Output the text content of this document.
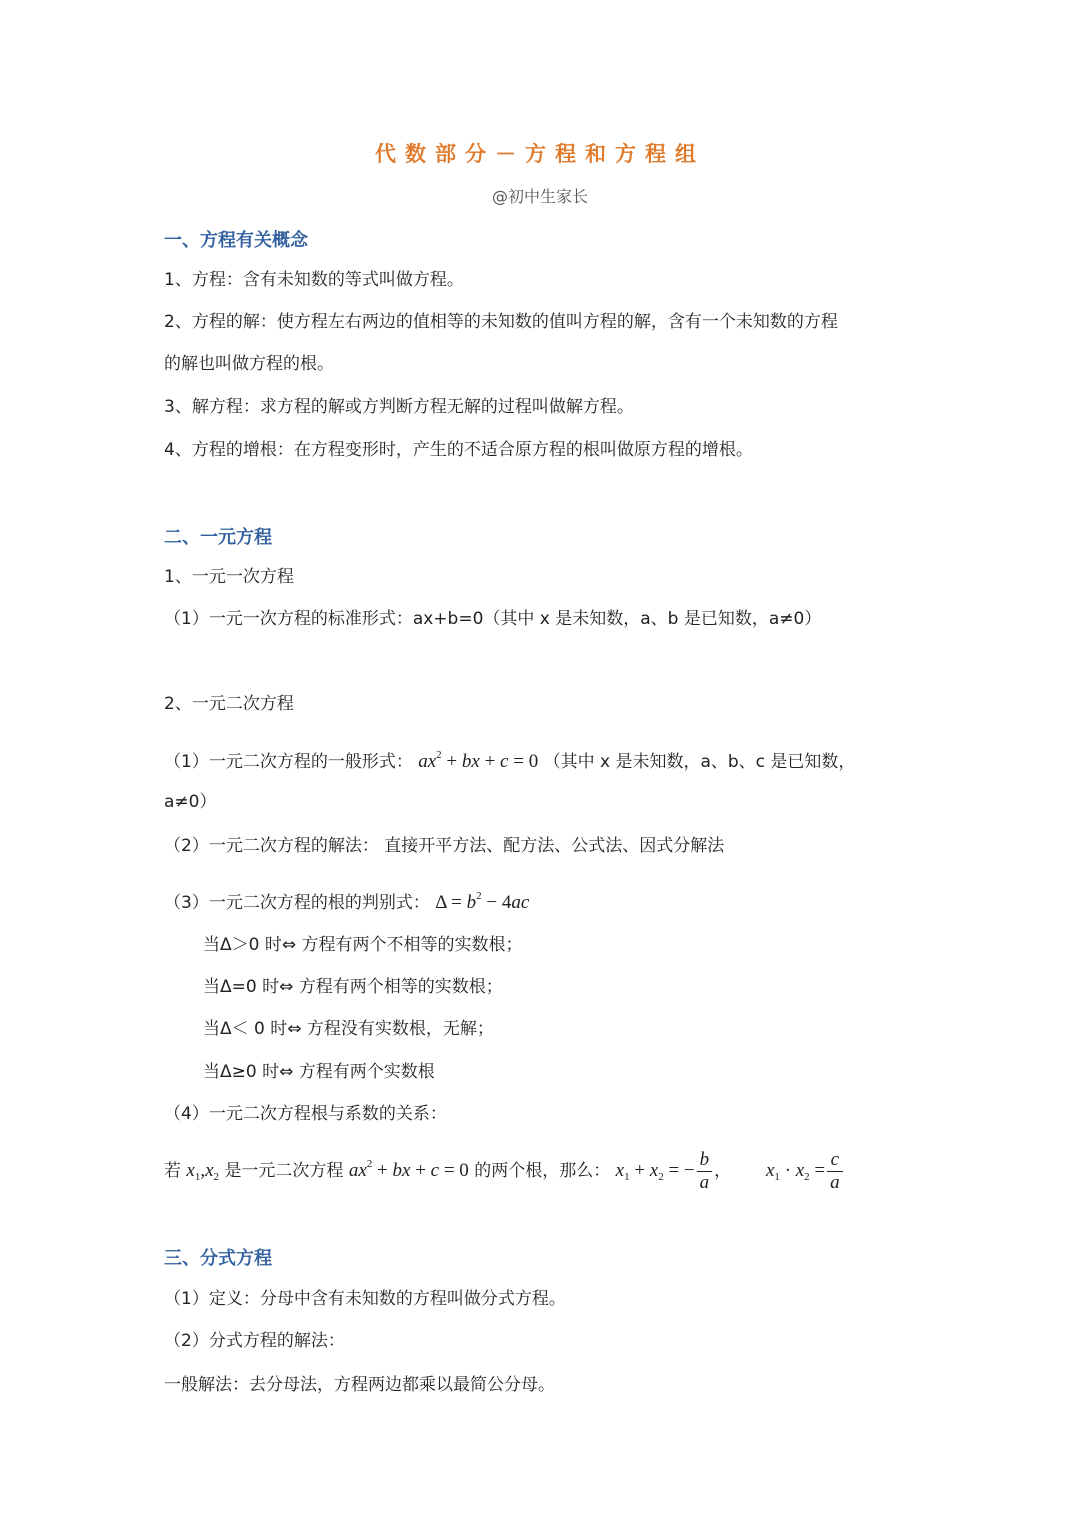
代数部分－方程和方程组
@初中生家长
一、方程有关概念
1、方程：含有未知数的等式叫做方程。
2、方程的解：使方程左右两边的值相等的未知数的值叫方程的解，含有一个未知数的方程
的解也叫做方程的根。
3、解方程：求方程的解或方判断方程无解的过程叫做解方程。
4、方程的增根：在方程变形时，产生的不适合原方程的根叫做原方程的增根。
二、一元方程
1、一元一次方程
（1）一元一次方程的标准形式：ax+b=0（其中 x 是未知数，a、b 是已知数，a≠0）
2、一元二次方程
（1）一元二次方程的一般形式： $ax^2$ + bx + c = 0 （其中 x 是未知数，a、b、c 是已知数，
a≠0）
（2）一元二次方程的解法： 直接开平方法、配方法、公式法、因式分解法
（3）一元二次方程的根的判别式： $\Delta = b^2 - 4ac$
当Δ＞0 时⇔ 方程有两个不相等的实数根；
当Δ=0 时⇔ 方程有两个相等的实数根；
当Δ＜ 0 时⇔ 方程没有实数根，无解；
当Δ≥0 时⇔ 方程有两个实数根
（4）一元二次方程根与系数的关系：
若 $x_1,x_2$ 是一元二次方程 $ax^2$ + bx + c = 0 的两个根，那么： $x_1 + x_2$ = − $\frac{b}{a}$ ， $x_1 \cdot x_2 = \frac{c}{a}$
三、分式方程
（1）定义：分母中含有未知数的方程叫做分式方程。
（2）分式方程的解法：
一般解法：去分母法，方程两边都乘以最简公分母。
